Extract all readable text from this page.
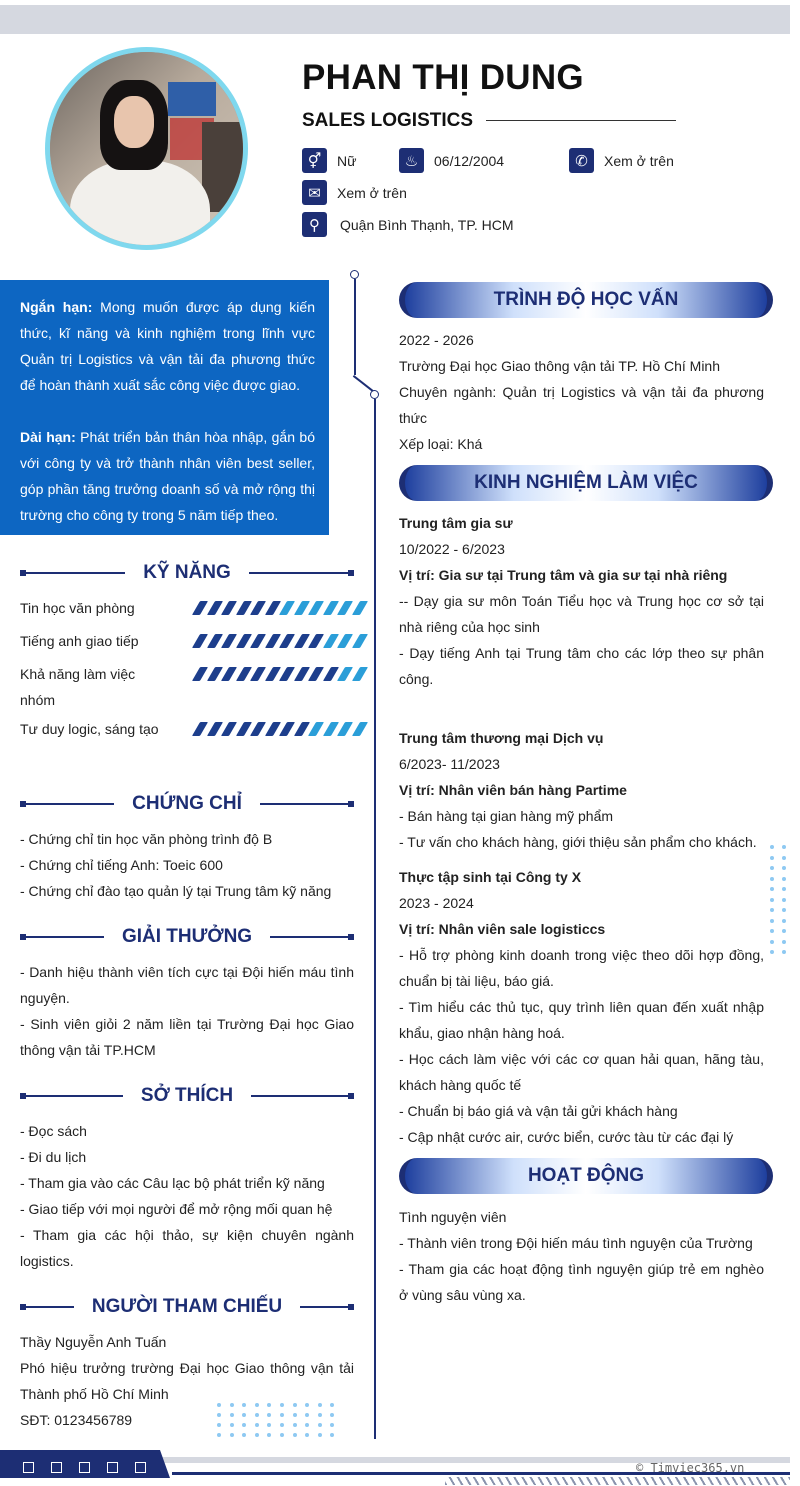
PHAN THỊ DUNG
SALES LOGISTICS
⚥	Nữ	♨	06/12/2004	✆	Xem ở trên
✉	Xem ở trên
⚲	Quận Bình Thạnh, TP. HCM

Ngắn hạn: Mong muốn được áp dụng kiến thức, kĩ năng và kinh nghiệm trong lĩnh vực Quản trị Logistics và vận tải đa phương thức để hoàn thành xuất sắc công việc được giao.

Dài hạn: Phát triển bản thân hòa nhập, gắn bó với công ty và trở thành nhân viên best seller, góp phần tăng trưởng doanh số và mở rộng thị trường cho công ty trong 5 năm tiếp theo.

KỸ NĂNG
Tin học văn phòng
Tiếng anh giao tiếp
Khả năng làm việc nhóm
Tư duy logic, sáng tạo
CHỨNG CHỈ
- Chứng chỉ tin học văn phòng trình độ B
- Chứng chỉ tiếng Anh: Toeic 600
- Chứng chỉ đào tạo quản lý tại Trung tâm kỹ năng
GIẢI THƯỞNG
- Danh hiệu thành viên tích cực tại Đội hiến máu tình nguyện.
- Sinh viên giỏi 2 năm liền tại Trường Đại học Giao thông vận tải TP.HCM
SỞ THÍCH
- Đọc sách
- Đi du lịch
- Tham gia vào các Câu lạc bộ phát triển kỹ năng
- Giao tiếp với mọi người để mở rộng mối quan hệ
- Tham gia các hội thảo, sự kiện chuyên ngành logistics.
NGƯỜI THAM CHIẾU
Thầy Nguyễn Anh Tuấn
Phó hiệu trưởng trường Đại học Giao thông vận tải Thành phố Hồ Chí Minh
SĐT: 0123456789
TRÌNH ĐỘ HỌC VẤN
2022 - 2026
Trường Đại học Giao thông vận tải TP. Hồ Chí Minh
Chuyên ngành: Quản trị Logistics và vận tải đa phương thức
Xếp loại: Khá
KINH NGHIỆM LÀM VIỆC
Trung tâm gia sư
10/2022 - 6/2023
Vị trí: Gia sư tại Trung tâm và gia sư tại nhà riêng
-- Dạy gia sư môn Toán Tiểu học và Trung học cơ sở tại nhà riêng của học sinh
- Dạy tiếng Anh tại Trung tâm cho các lớp theo sự phân công.
Trung tâm thương mại Dịch vụ
6/2023- 11/2023
Vị trí: Nhân viên bán hàng Partime
- Bán hàng tại gian hàng mỹ phẩm
- Tư vấn cho khách hàng, giới thiệu sản phẩm cho khách.
Thực tập sinh tại Công ty X
2023 - 2024
Vị trí: Nhân viên sale logisticcs
- Hỗ trợ phòng kinh doanh trong việc theo dõi hợp đồng, chuẩn bị tài liệu, báo giá.
- Tìm hiểu các thủ tục, quy trình liên quan đến xuất nhập khẩu, giao nhận hàng hoá.
- Học cách làm việc với các cơ quan hải quan, hãng tàu, khách hàng quốc tế
- Chuẩn bị báo giá và vận tải gửi khách hàng
- Cập nhật cước air, cước biển, cước tàu từ các đại lý
HOẠT ĐỘNG
Tình nguyện viên
- Thành viên trong Đội hiến máu tình nguyện của Trường
- Tham gia các hoạt động tình nguyện giúp trẻ em nghèo ở vùng sâu vùng xa.
© Timviec365.vn
